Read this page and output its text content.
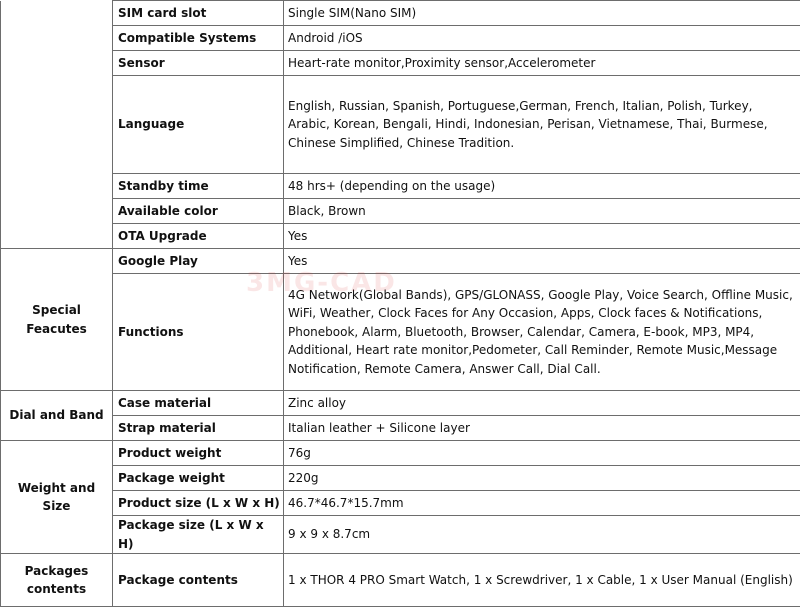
	SIM card slot	Single SIM(Nano SIM)
	Compatible Systems	Android /iOS
	Sensor	Heart-rate monitor,Proximity sensor,Accelerometer
	Language	English, Russian, Spanish, Portuguese,German, French, Italian, Polish, Turkey, Arabic, Korean, Bengali, Hindi, Indonesian, Perisan, Vietnamese, Thai, Burmese, Chinese Simplified, Chinese Tradition.
	Standby time	48 hrs+ (depending on the usage)
	Available color	Black, Brown
	OTA Upgrade	Yes
Special Feacutes	Google Play	Yes
	Functions	4G Network(Global Bands), GPS/GLONASS, Google Play, Voice Search, Offline Music, WiFi, Weather, Clock Faces for Any Occasion, Apps, Clock faces & Notifications, Phonebook, Alarm, Bluetooth, Browser, Calendar, Camera, E-book, MP3, MP4, Additional, Heart rate monitor,Pedometer, Call Reminder, Remote Music,Message Notification, Remote Camera, Answer Call, Dial Call.
Dial and Band	Case material	Zinc alloy
	Strap material	Italian leather + Silicone layer
Weight and Size	Product weight	76g
	Package weight	220g
	Product size (L x W x H)	46.7*46.7*15.7mm
	Package size (L x W x H)	9 x 9 x 8.7cm
Packages contents	Package contents	1 x THOR 4 PRO Smart Watch, 1 x Screwdriver, 1 x Cable, 1 x User Manual (English)
3MG-CAD
